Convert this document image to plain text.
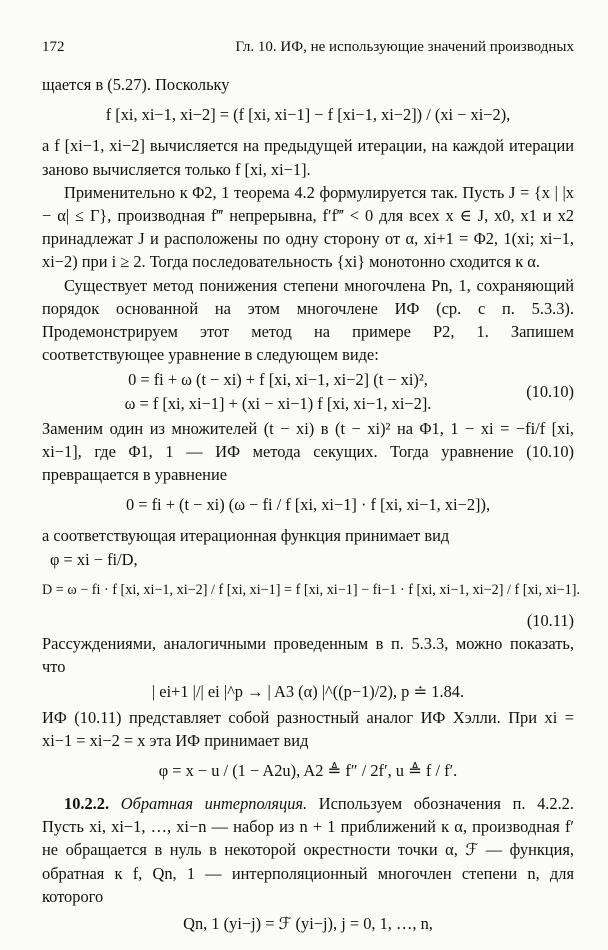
172	Гл. 10. ИФ, не использующие значений производных

щается в (5.27). Поскольку

f [xi, xi−1, xi−2] = (f [xi, xi−1] − f [xi−1, xi−2]) / (xi − xi−2),

а f [xi−1, xi−2] вычисляется на предыдущей итерации, на каждой итерации заново вычисляется только f [xi, xi−1].

Применительно к Φ2, 1 теорема 4.2 формулируется так. Пусть J = {x | |x − α| ≤ Γ}, производная f‴ непрерывна, f′f‴ < 0 для всех x ∈ J, x0, x1 и x2 принадлежат J и расположены по одну сторону от α, xi+1 = Φ2, 1(xi; xi−1, xi−2) при i ≥ 2. Тогда последовательность {xi} монотонно сходится к α.

Существует метод понижения степени многочлена Pn, 1, сохраняющий порядок основанной на этом многочлене ИФ (ср. с п. 5.3.3). Продемонстрируем этот метод на примере P2, 1. Запишем соответствующее уравнение в следующем виде:

0 = fi + ω (t − xi) + f [xi, xi−1, xi−2] (t − xi)²,

ω = f [xi, xi−1] + (xi − xi−1) f [xi, xi−1, xi−2].

(10.10)

Заменим один из множителей (t − xi) в (t − xi)² на Φ1, 1 − xi = −fi/f [xi, xi−1], где Φ1, 1 — ИФ метода секущих. Тогда уравнение (10.10) превращается в уравнение

0 = fi + (t − xi) (ω − fi / f [xi, xi−1] · f [xi, xi−1, xi−2]),

а соответствующая итерационная функция принимает вид

φ = xi − fi/D,

D = ω − fi · f [xi, xi−1, xi−2] / f [xi, xi−1] = f [xi, xi−1] − fi−1 · f [xi, xi−1, xi−2] / f [xi, xi−1].

(10.11)

Рассуждениями, аналогичными проведенным в п. 5.3.3, можно показать, что

| ei+1 |/| ei |^p → | A3 (α) |^((p−1)/2), p ≐ 1.84.

ИФ (10.11) представляет собой разностный аналог ИФ Хэлли. При xi = xi−1 = xi−2 = x эта ИФ принимает вид

φ = x − u / (1 − A2u), A2 ≜ f″ / 2f′, u ≜ f / f′.

10.2.2. Обратная интерполяция. Используем обозначения п. 4.2.2. Пусть xi, xi−1, …, xi−n — набор из n + 1 приближений к α, производная f′ не обращается в нуль в некоторой окрестности точки α, ℱ — функция, обратная к f, Qn, 1 — интерполяционный многочлен степени n, для которого

Qn, 1 (yi−j) = ℱ (yi−j), j = 0, 1, …, n,
